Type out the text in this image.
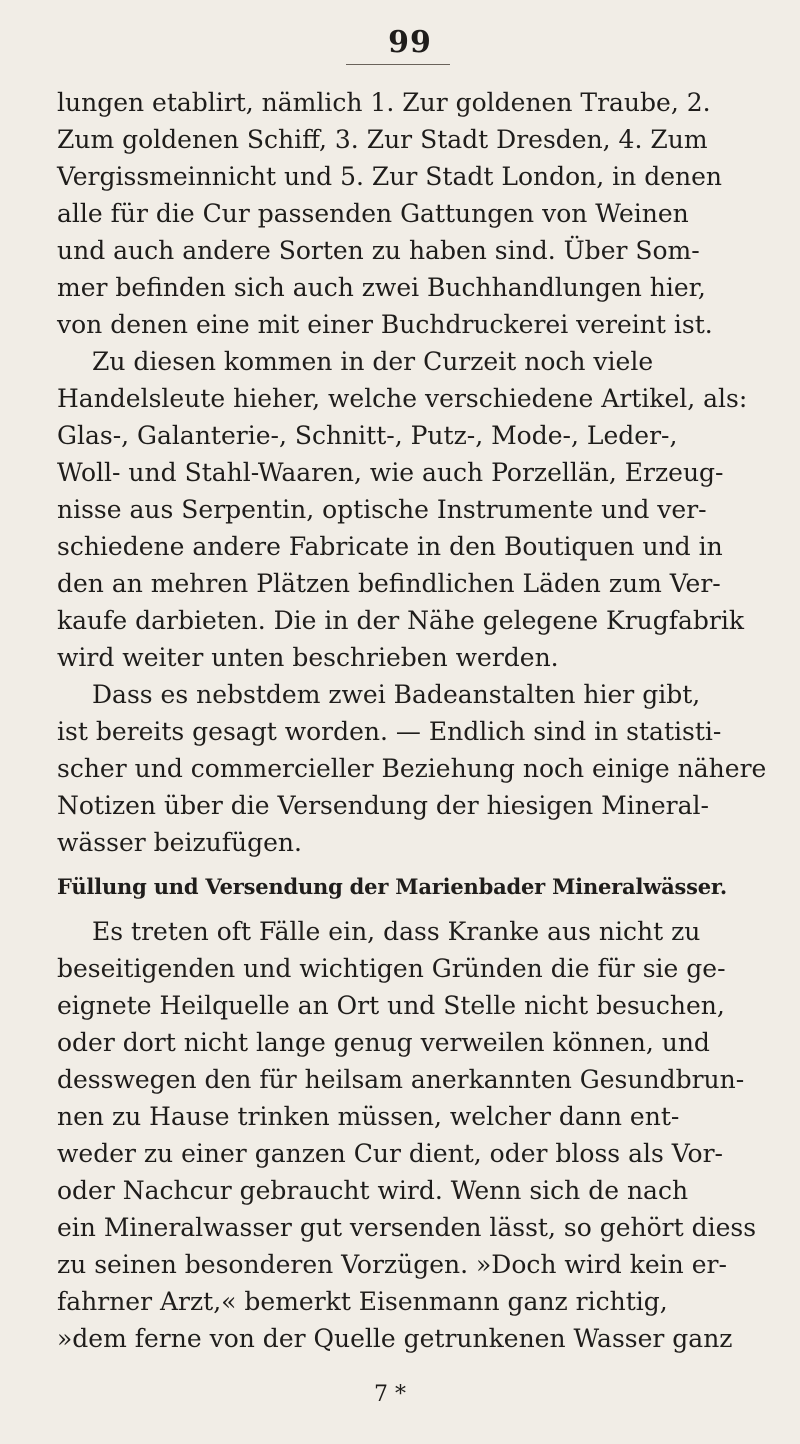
99
lungen etablirt, nämlich 1. Zur goldenen Traube, 2.
Zum goldenen Schiff, 3. Zur Stadt Dresden, 4. Zum
Vergissmeinnicht und 5. Zur Stadt London, in denen
alle für die Cur passenden Gattungen von Weinen
und auch andere Sorten zu haben sind. Über Som-
mer befinden sich auch zwei Buchhandlungen hier,
von denen eine mit einer Buchdruckerei vereint ist.
Zu diesen kommen in der Curzeit noch viele
Handelsleute hieher, welche verschiedene Artikel, als:
Glas-, Galanterie-, Schnitt-, Putz-, Mode-, Leder-,
Woll- und Stahl-Waaren, wie auch Porzellän, Erzeug-
nisse aus Serpentin, optische Instrumente und ver-
schiedene andere Fabricate in den Boutiquen und in
den an mehren Plätzen befindlichen Läden zum Ver-
kaufe darbieten. Die in der Nähe gelegene Krugfabrik
wird weiter unten beschrieben werden.
Dass es nebstdem zwei Badeanstalten hier gibt,
ist bereits gesagt worden. — Endlich sind in statisti-
scher und commercieller Beziehung noch einige nähere
Notizen über die Versendung der hiesigen Mineral-
wässer beizufügen.
Füllung und Versendung der Marienbader Mineralwässer.
Es treten oft Fälle ein, dass Kranke aus nicht zu
beseitigenden und wichtigen Gründen die für sie ge-
eignete Heilquelle an Ort und Stelle nicht besuchen,
oder dort nicht lange genug verweilen können, und
desswegen den für heilsam anerkannten Gesundbrun-
nen zu Hause trinken müssen, welcher dann ent-
weder zu einer ganzen Cur dient, oder bloss als Vor-
oder Nachcur gebraucht wird. Wenn sich de nach
ein Mineralwasser gut versenden lässt, so gehört diess
zu seinen besonderen Vorzügen. »Doch wird kein er-
fahrner Arzt,« bemerkt Eisenmann ganz richtig,
»dem ferne von der Quelle getrunkenen Wasser ganz
7 *
